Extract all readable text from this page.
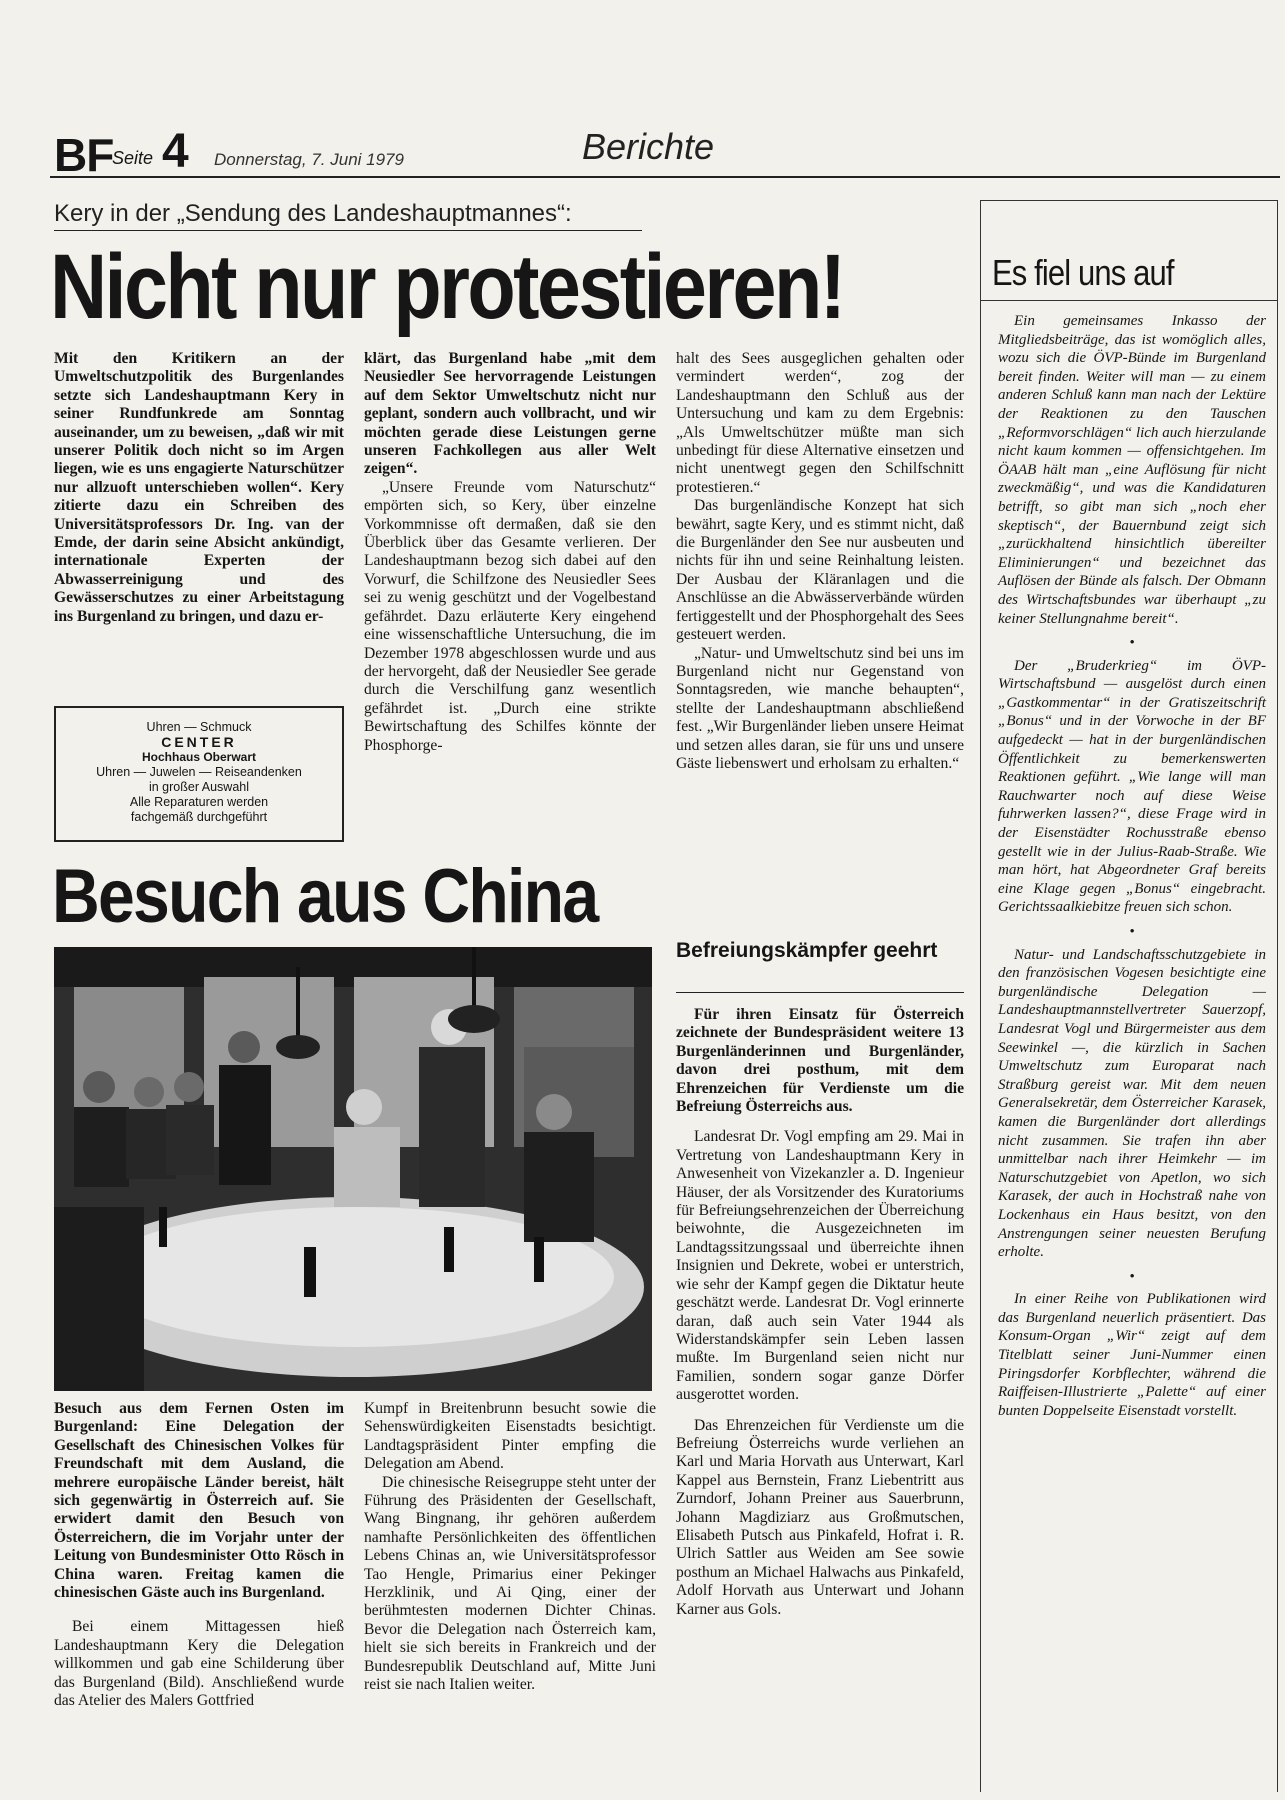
BF
Seite 4 Donnerstag, 7. Juni 1979	Berichte
Kery in der „Sendung des Landeshauptmannes“:
Nicht nur protestieren!

Mit den Kritikern an der Umweltschutzpolitik des Burgenlandes setzte sich Landeshauptmann Kery in seiner Rundfunkrede am Sonntag auseinander, um zu beweisen, „daß wir mit unserer Politik doch nicht so im Argen liegen, wie es uns engagierte Naturschützer nur allzuoft unterschieben wollen“. Kery zitierte dazu ein Schreiben des Universitätsprofessors Dr. Ing. van der Emde, der darin seine Absicht ankündigt, internationale Experten der Abwasserreinigung und des Gewässerschutzes zu einer Arbeitstagung ins Burgenland zu bringen, und dazu er-

klärt, das Burgenland habe „mit dem Neusiedler See hervorragende Leistungen auf dem Sektor Umweltschutz nicht nur geplant, sondern auch vollbracht, und wir möchten gerade diese Leistungen gerne unseren Fachkollegen aus aller Welt zeigen“.

„Unsere Freunde vom Naturschutz“ empörten sich, so Kery, über einzelne Vorkommnisse oft dermaßen, daß sie den Überblick über das Gesamte verlieren. Der Landeshauptmann bezog sich dabei auf den Vorwurf, die Schilfzone des Neusiedler Sees sei zu wenig geschützt und der Vogelbestand gefährdet. Dazu erläuterte Kery eingehend eine wissenschaftliche Untersuchung, die im Dezember 1978 abgeschlossen wurde und aus der hervorgeht, daß der Neusiedler See gerade durch die Verschilfung ganz wesentlich gefährdet ist. „Durch eine strikte Bewirtschaftung des Schilfes könnte der Phosphorge-

halt des Sees ausgeglichen gehalten oder vermindert werden“, zog der Landeshauptmann den Schluß aus der Untersuchung und kam zu dem Ergebnis: „Als Umweltschützer müßte man sich unbedingt für diese Alternative einsetzen und nicht unentwegt gegen den Schilfschnitt protestieren.“

Das burgenländische Konzept hat sich bewährt, sagte Kery, und es stimmt nicht, daß die Burgenländer den See nur ausbeuten und nichts für ihn und seine Reinhaltung leisten. Der Ausbau der Kläranlagen und die Anschlüsse an die Abwässerverbände würden fertiggestellt und der Phosphorgehalt des Sees gesteuert werden.

„Natur- und Umweltschutz sind bei uns im Burgenland nicht nur Gegenstand von Sonntagsreden, wie manche behaupten“, stellte der Landeshauptmann abschließend fest. „Wir Burgenländer lieben unsere Heimat und setzen alles daran, sie für uns und unsere Gäste liebenswert und erholsam zu erhalten.“

Uhren — Schmuck
CENTER
Hochhaus Oberwart
Uhren — Juwelen — Reiseandenken
in großer Auswahl
Alle Reparaturen werden
fachgemäß durchgeführt
Besuch aus China

Besuch aus dem Fernen Osten im Burgenland: Eine Delegation der Gesellschaft des Chinesischen Volkes für Freundschaft mit dem Ausland, die mehrere europäische Länder bereist, hält sich gegenwärtig in Österreich auf. Sie erwidert damit den Besuch von Österreichern, die im Vorjahr unter der Leitung von Bundesminister Otto Rösch in China waren. Freitag kamen die chinesischen Gäste auch ins Burgenland.

Bei einem Mittagessen hieß Landeshauptmann Kery die Delegation willkommen und gab eine Schilderung über das Burgenland (Bild). Anschließend wurde das Atelier des Malers Gottfried

Kumpf in Breitenbrunn besucht sowie die Sehenswürdigkeiten Eisenstadts besichtigt. Landtagspräsident Pinter empfing die Delegation am Abend.

Die chinesische Reisegruppe steht unter der Führung des Präsidenten der Gesellschaft, Wang Bingnang, ihr gehören außerdem namhafte Persönlichkeiten des öffentlichen Lebens Chinas an, wie Universitätsprofessor Tao Hengle, Primarius einer Pekinger Herzklinik, und Ai Qing, einer der berühmtesten modernen Dichter Chinas. Bevor die Delegation nach Österreich kam, hielt sie sich bereits in Frankreich und der Bundesrepublik Deutschland auf, Mitte Juni reist sie nach Italien weiter.

Befreiungskämpfer geehrt

Für ihren Einsatz für Österreich zeichnete der Bundespräsident weitere 13 Burgenländerinnen und Burgenländer, davon drei posthum, mit dem Ehrenzeichen für Verdienste um die Befreiung Österreichs aus.

Landesrat Dr. Vogl empfing am 29. Mai in Vertretung von Landeshauptmann Kery in Anwesenheit von Vizekanzler a. D. Ingenieur Häuser, der als Vorsitzender des Kuratoriums für Befreiungsehrenzeichen der Überreichung beiwohnte, die Ausgezeichneten im Landtagssitzungssaal und überreichte ihnen Insignien und Dekrete, wobei er unterstrich, wie sehr der Kampf gegen die Diktatur heute geschätzt werde. Landesrat Dr. Vogl erinnerte daran, daß auch sein Vater 1944 als Widerstandskämpfer sein Leben lassen mußte. Im Burgenland seien nicht nur Familien, sondern sogar ganze Dörfer ausgerottet worden.

Das Ehrenzeichen für Verdienste um die Befreiung Österreichs wurde verliehen an Karl und Maria Horvath aus Unterwart, Karl Kappel aus Bernstein, Franz Liebentritt aus Zurndorf, Johann Preiner aus Sauerbrunn, Johann Magdiziarz aus Großmutschen, Elisabeth Putsch aus Pinkafeld, Hofrat i. R. Ulrich Sattler aus Weiden am See sowie posthum an Michael Halwachs aus Pinkafeld, Adolf Horvath aus Unterwart und Johann Karner aus Gols.

Es fiel uns auf

Ein gemeinsames Inkasso der Mitgliedsbeiträge, das ist womöglich alles, wozu sich die ÖVP-Bünde im Burgenland bereit finden. Weiter will man — zu einem anderen Schluß kann man nach der Lektüre der Reaktionen zu den Tauschen „Reformvorschlägen“ lich auch hierzulande nicht kaum kommen — offensichtgehen. Im ÖAAB hält man „eine Auflösung für nicht zweckmäßig“, und was die Kandidaturen betrifft, so gibt man sich „noch eher skeptisch“, der Bauernbund zeigt sich „zurückhaltend hinsichtlich übereilter Eliminierungen“ und bezeichnet das Auflösen der Bünde als falsch. Der Obmann des Wirtschaftsbundes war überhaupt „zu keiner Stellungnahme bereit“.

•

Der „Bruderkrieg“ im ÖVP-Wirtschaftsbund — ausgelöst durch einen „Gastkommentar“ in der Gratiszeitschrift „Bonus“ und in der Vorwoche in der BF aufgedeckt — hat in der burgenländischen Öffentlichkeit zu bemerkenswerten Reaktionen geführt. „Wie lange will man Rauchwarter noch auf diese Weise fuhrwerken lassen?“, diese Frage wird in der Eisenstädter Rochusstraße ebenso gestellt wie in der Julius-Raab-Straße. Wie man hört, hat Abgeordneter Graf bereits eine Klage gegen „Bonus“ eingebracht. Gerichtssaalkiebitze freuen sich schon.

•

Natur- und Landschaftsschutzgebiete in den französischen Vogesen besichtigte eine burgenländische Delegation — Landeshauptmannstellvertreter Sauerzopf, Landesrat Vogl und Bürgermeister aus dem Seewinkel —, die kürzlich in Sachen Umweltschutz zum Europarat nach Straßburg gereist war. Mit dem neuen Generalsekretär, dem Österreicher Karasek, kamen die Burgenländer dort allerdings nicht zusammen. Sie trafen ihn aber unmittelbar nach ihrer Heimkehr — im Naturschutzgebiet von Apetlon, wo sich Karasek, der auch in Hochstraß nahe von Lockenhaus ein Haus besitzt, von den Anstrengungen seiner neuesten Berufung erholte.

•

In einer Reihe von Publikationen wird das Burgenland neuerlich präsentiert. Das Konsum-Organ „Wir“ zeigt auf dem Titelblatt seiner Juni-Nummer einen Piringsdorfer Korbflechter, während die Raiffeisen-Illustrierte „Palette“ auf einer bunten Doppelseite Eisenstadt vorstellt.
